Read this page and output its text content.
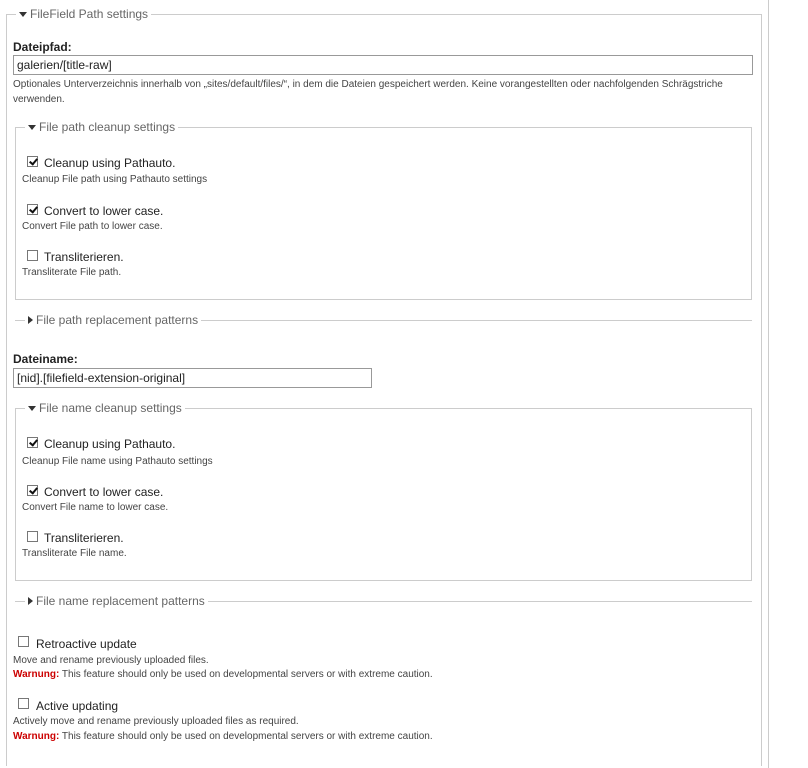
FileField Path settings
Dateipfad:
galerien/[title-raw]
Optionales Unterverzeichnis innerhalb von „sites/default/files/“, in dem die Dateien gespeichert werden. Keine vorangestellten oder nachfolgenden Schrägstriche verwenden.
File path cleanup settings
Cleanup using Pathauto.
Cleanup File path using Pathauto settings
Convert to lower case.
Convert File path to lower case.
Transliterieren.
Transliterate File path.
File path replacement patterns
Dateiname:
[nid].[filefield-extension-original]
File name cleanup settings
Cleanup using Pathauto.
Cleanup File name using Pathauto settings
Convert to lower case.
Convert File name to lower case.
Transliterieren.
Transliterate File name.
File name replacement patterns
Retroactive update
Move and rename previously uploaded files.
Warnung: This feature should only be used on developmental servers or with extreme caution.
Active updating
Actively move and rename previously uploaded files as required.
Warnung: This feature should only be used on developmental servers or with extreme caution.
